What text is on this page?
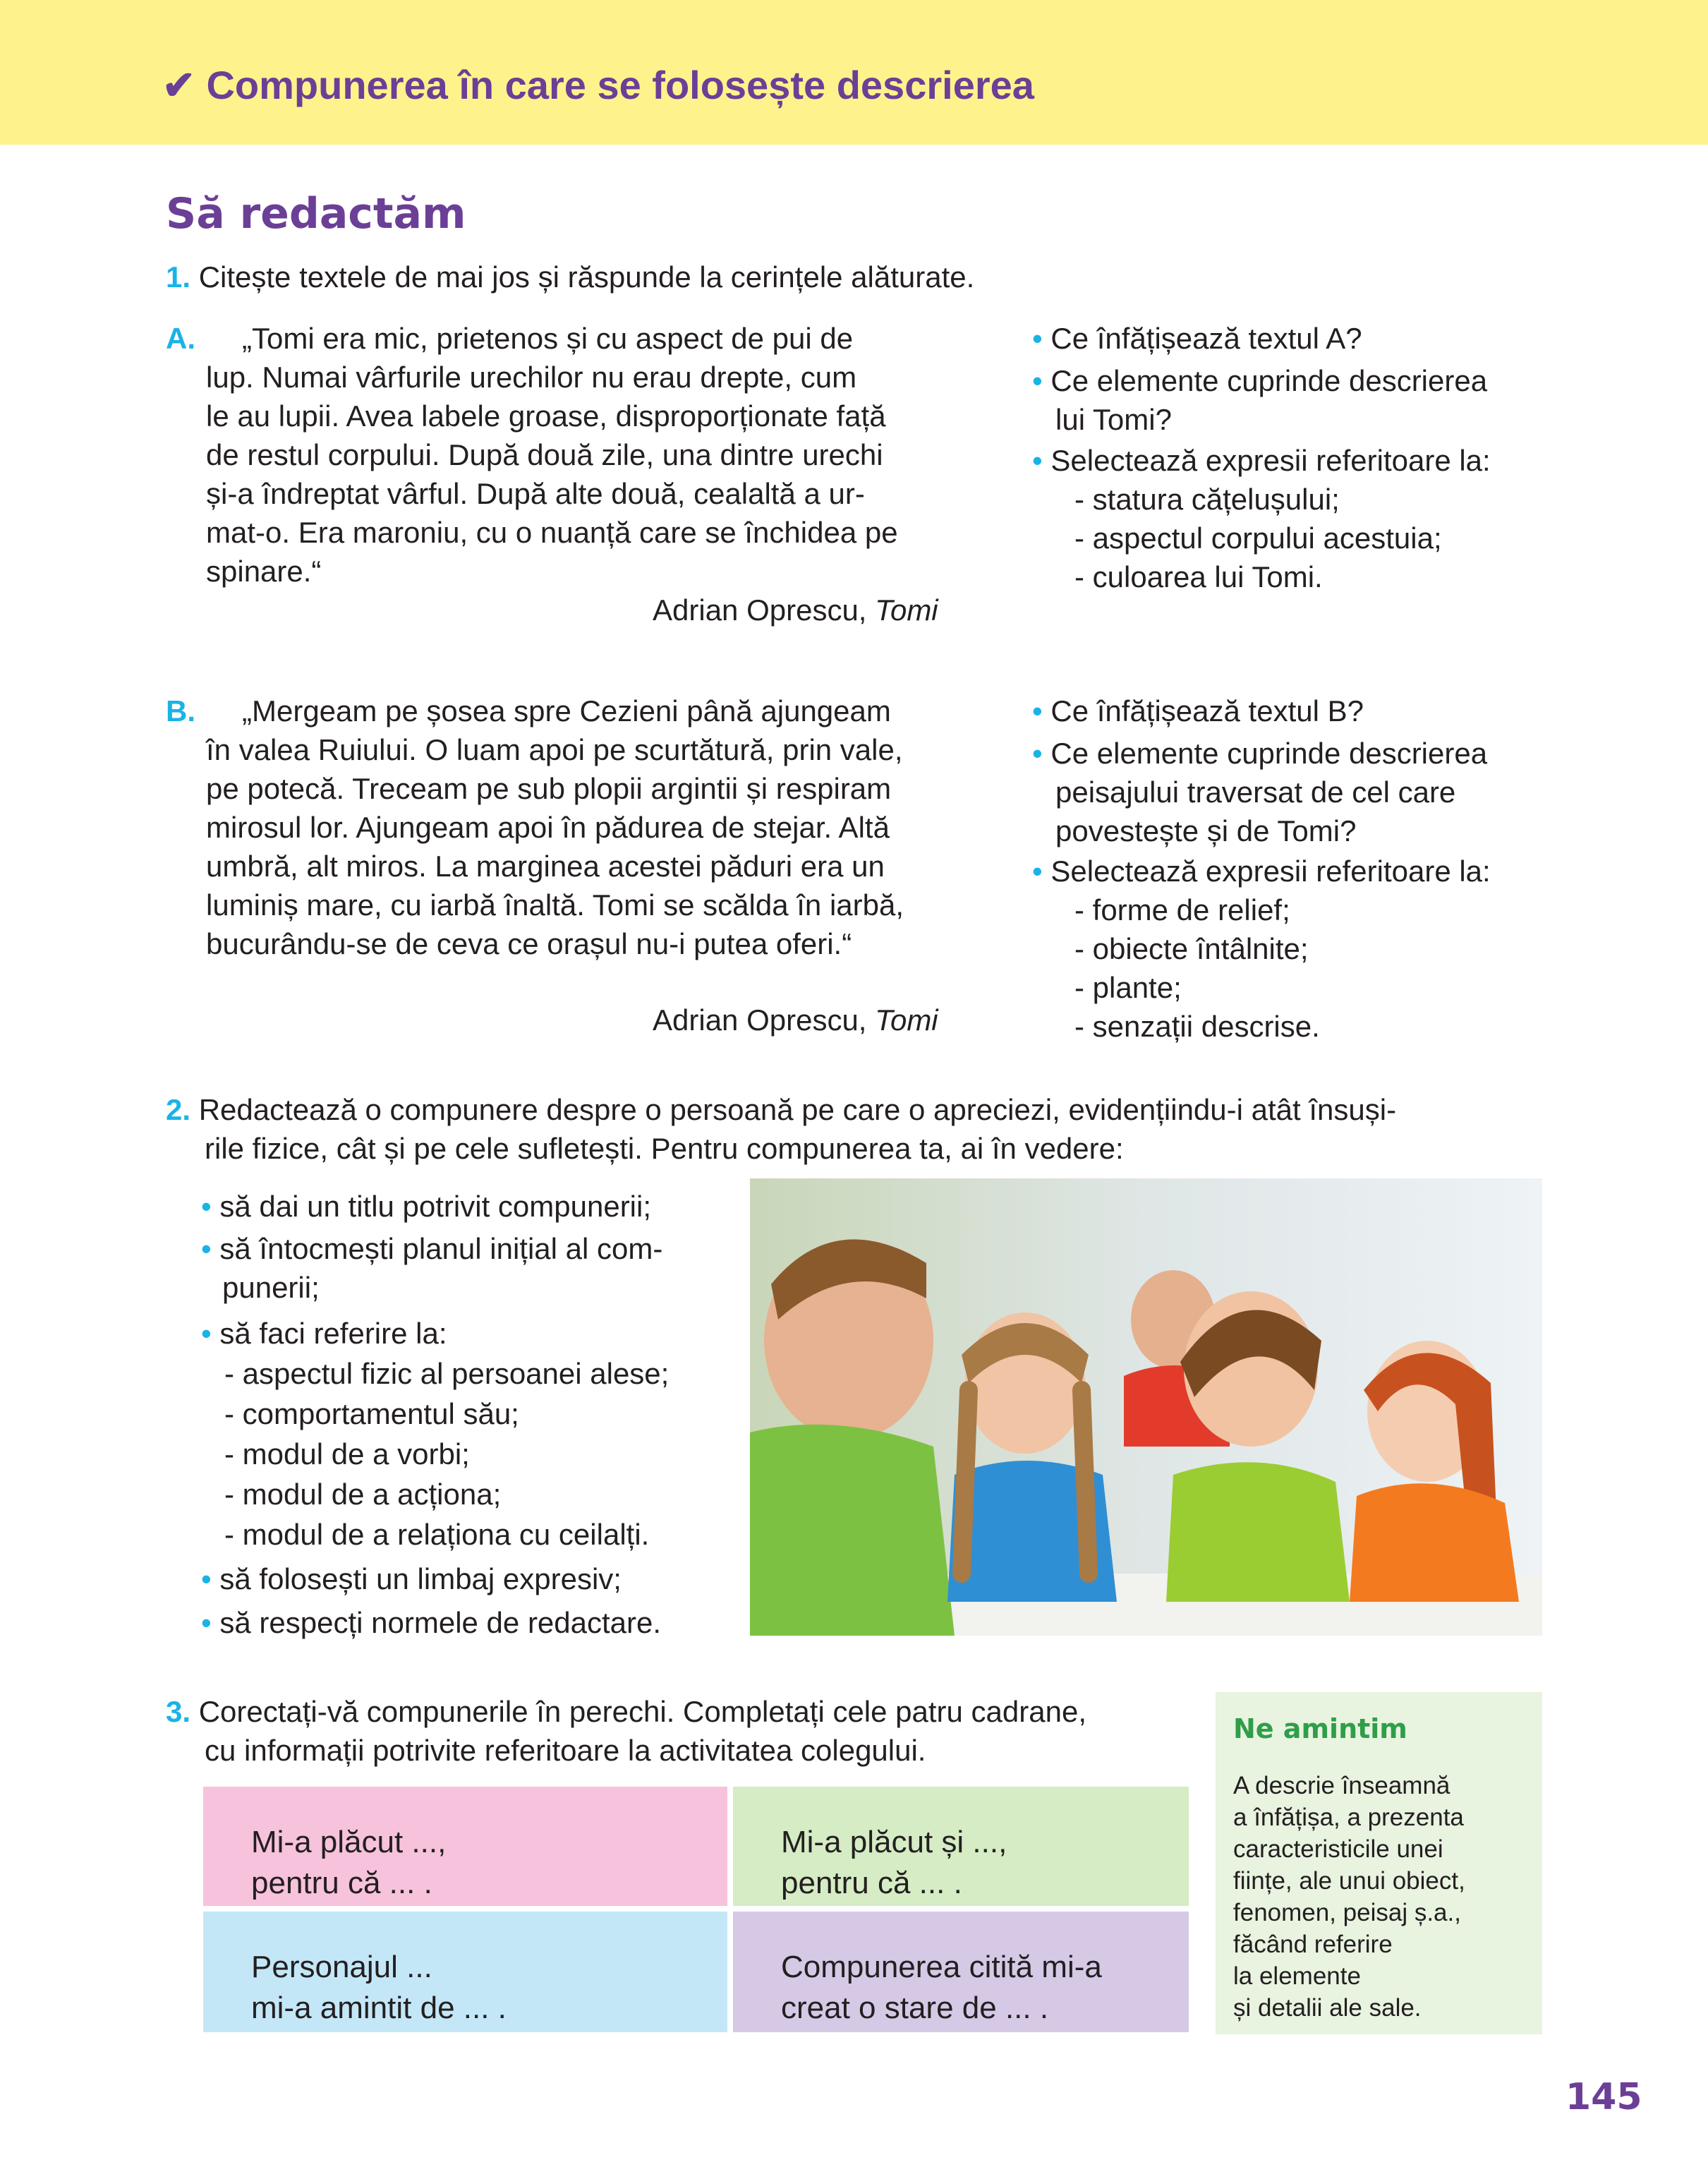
✔ Compunerea în care se folosește descrierea
Să redactăm
1. Citește textele de mai jos și răspunde la cerințele alăturate.
A. „Tomi era mic, prietenos și cu aspect de pui de
lup. Numai vârfurile urechilor nu erau drepte, cum
le au lupii. Avea labele groase, disproporționate față
de restul corpului. După două zile, una dintre urechi
și-a îndreptat vârful. După alte două, cealaltă a ur-
mat-o. Era maroniu, cu o nuanță care se închidea pe
spinare.“
Adrian Oprescu, Tomi
• Ce înfățișează textul A?
• Ce elemente cuprinde descrierea
lui Tomi?
• Selectează expresii referitoare la:
- statura cățelușului;
- aspectul corpului acestuia;
- culoarea lui Tomi.
B. „Mergeam pe șosea spre Cezieni până ajungeam
în valea Ruiului. O luam apoi pe scurtătură, prin vale,
pe potecă. Treceam pe sub plopii argintii și respiram
mirosul lor. Ajungeam apoi în pădurea de stejar. Altă
umbră, alt miros. La marginea acestei păduri era un
luminiș mare, cu iarbă înaltă. Tomi se scălda în iarbă,
bucurându-se de ceva ce orașul nu-i putea oferi.“
Adrian Oprescu, Tomi
• Ce înfățișează textul B?
• Ce elemente cuprinde descrierea
peisajului traversat de cel care
povestește și de Tomi?
• Selectează expresii referitoare la:
- forme de relief;
- obiecte întâlnite;
- plante;
- senzații descrise.
2. Redactează o compunere despre o persoană pe care o apreciezi, evidențiindu-i atât însuși-
rile fizice, cât și pe cele sufletești. Pentru compunerea ta, ai în vedere:
• să dai un titlu potrivit compunerii;
• să întocmești planul inițial al com-
punerii;
• să faci referire la:
- aspectul fizic al persoanei alese;
- comportamentul său;
- modul de a vorbi;
- modul de a acționa;
- modul de a relaționa cu ceilalți.
• să folosești un limbaj expresiv;
• să respecți normele de redactare.
3. Corectați-vă compunerile în perechi. Completați cele patru cadrane,
cu informații potrivite referitoare la activitatea colegului.
Mi-a plăcut ...,
pentru că ... .
Mi-a plăcut și ...,
pentru că ... .
Personajul ...
mi-a amintit de ... .
Compunerea citită mi-a
creat o stare de ... .
Ne amintim
A descrie înseamnă
a înfățișa, a prezenta
caracteristicile unei
ființe, ale unui obiect,
fenomen, peisaj ș.a.,
făcând referire
la elemente
și detalii ale sale.
145
